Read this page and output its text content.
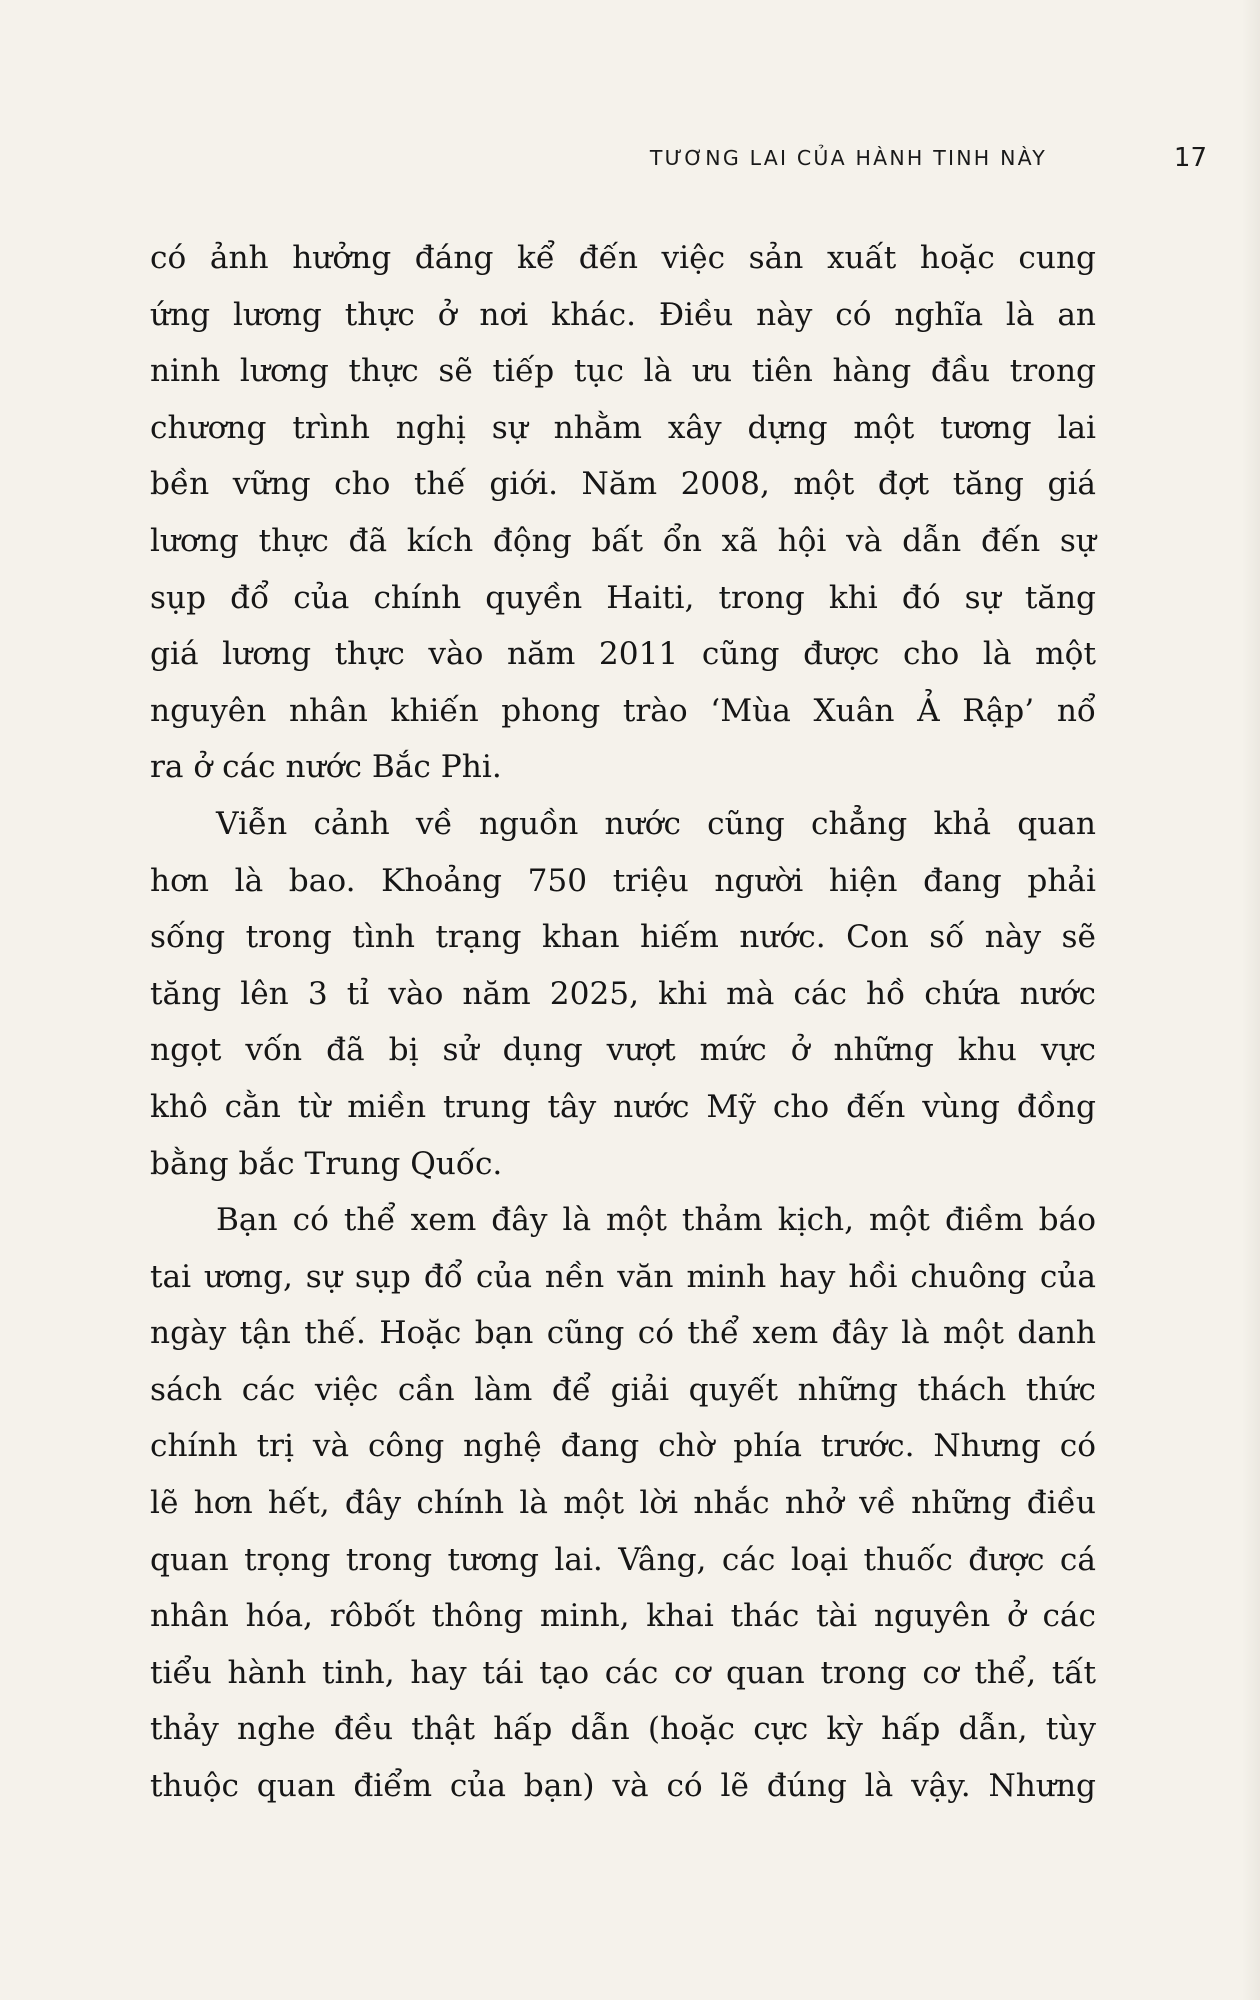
TƯƠNG LAI CỦA HÀNH TINH NÀY	17
có ảnh hưởng đáng kể đến việc sản xuất hoặc cung
ứng lương thực ở nơi khác. Điều này có nghĩa là an
ninh lương thực sẽ tiếp tục là ưu tiên hàng đầu trong
chương trình nghị sự nhằm xây dựng một tương lai
bền vững cho thế giới. Năm 2008, một đợt tăng giá
lương thực đã kích động bất ổn xã hội và dẫn đến sự
sụp đổ của chính quyền Haiti, trong khi đó sự tăng
giá lương thực vào năm 2011 cũng được cho là một
nguyên nhân khiến phong trào ‘Mùa Xuân Ả Rập’ nổ
ra ở các nước Bắc Phi.
Viễn cảnh về nguồn nước cũng chẳng khả quan
hơn là bao. Khoảng 750 triệu người hiện đang phải
sống trong tình trạng khan hiếm nước. Con số này sẽ
tăng lên 3 tỉ vào năm 2025, khi mà các hồ chứa nước
ngọt vốn đã bị sử dụng vượt mức ở những khu vực
khô cằn từ miền trung tây nước Mỹ cho đến vùng đồng
bằng bắc Trung Quốc.
Bạn có thể xem đây là một thảm kịch, một điềm báo
tai ương, sự sụp đổ của nền văn minh hay hồi chuông của
ngày tận thế. Hoặc bạn cũng có thể xem đây là một danh
sách các việc cần làm để giải quyết những thách thức
chính trị và công nghệ đang chờ phía trước. Nhưng có
lẽ hơn hết, đây chính là một lời nhắc nhở về những điều
quan trọng trong tương lai. Vâng, các loại thuốc được cá
nhân hóa, rôbốt thông minh, khai thác tài nguyên ở các
tiểu hành tinh, hay tái tạo các cơ quan trong cơ thể, tất
thảy nghe đều thật hấp dẫn (hoặc cực kỳ hấp dẫn, tùy
thuộc quan điểm của bạn) và có lẽ đúng là vậy. Nhưng
